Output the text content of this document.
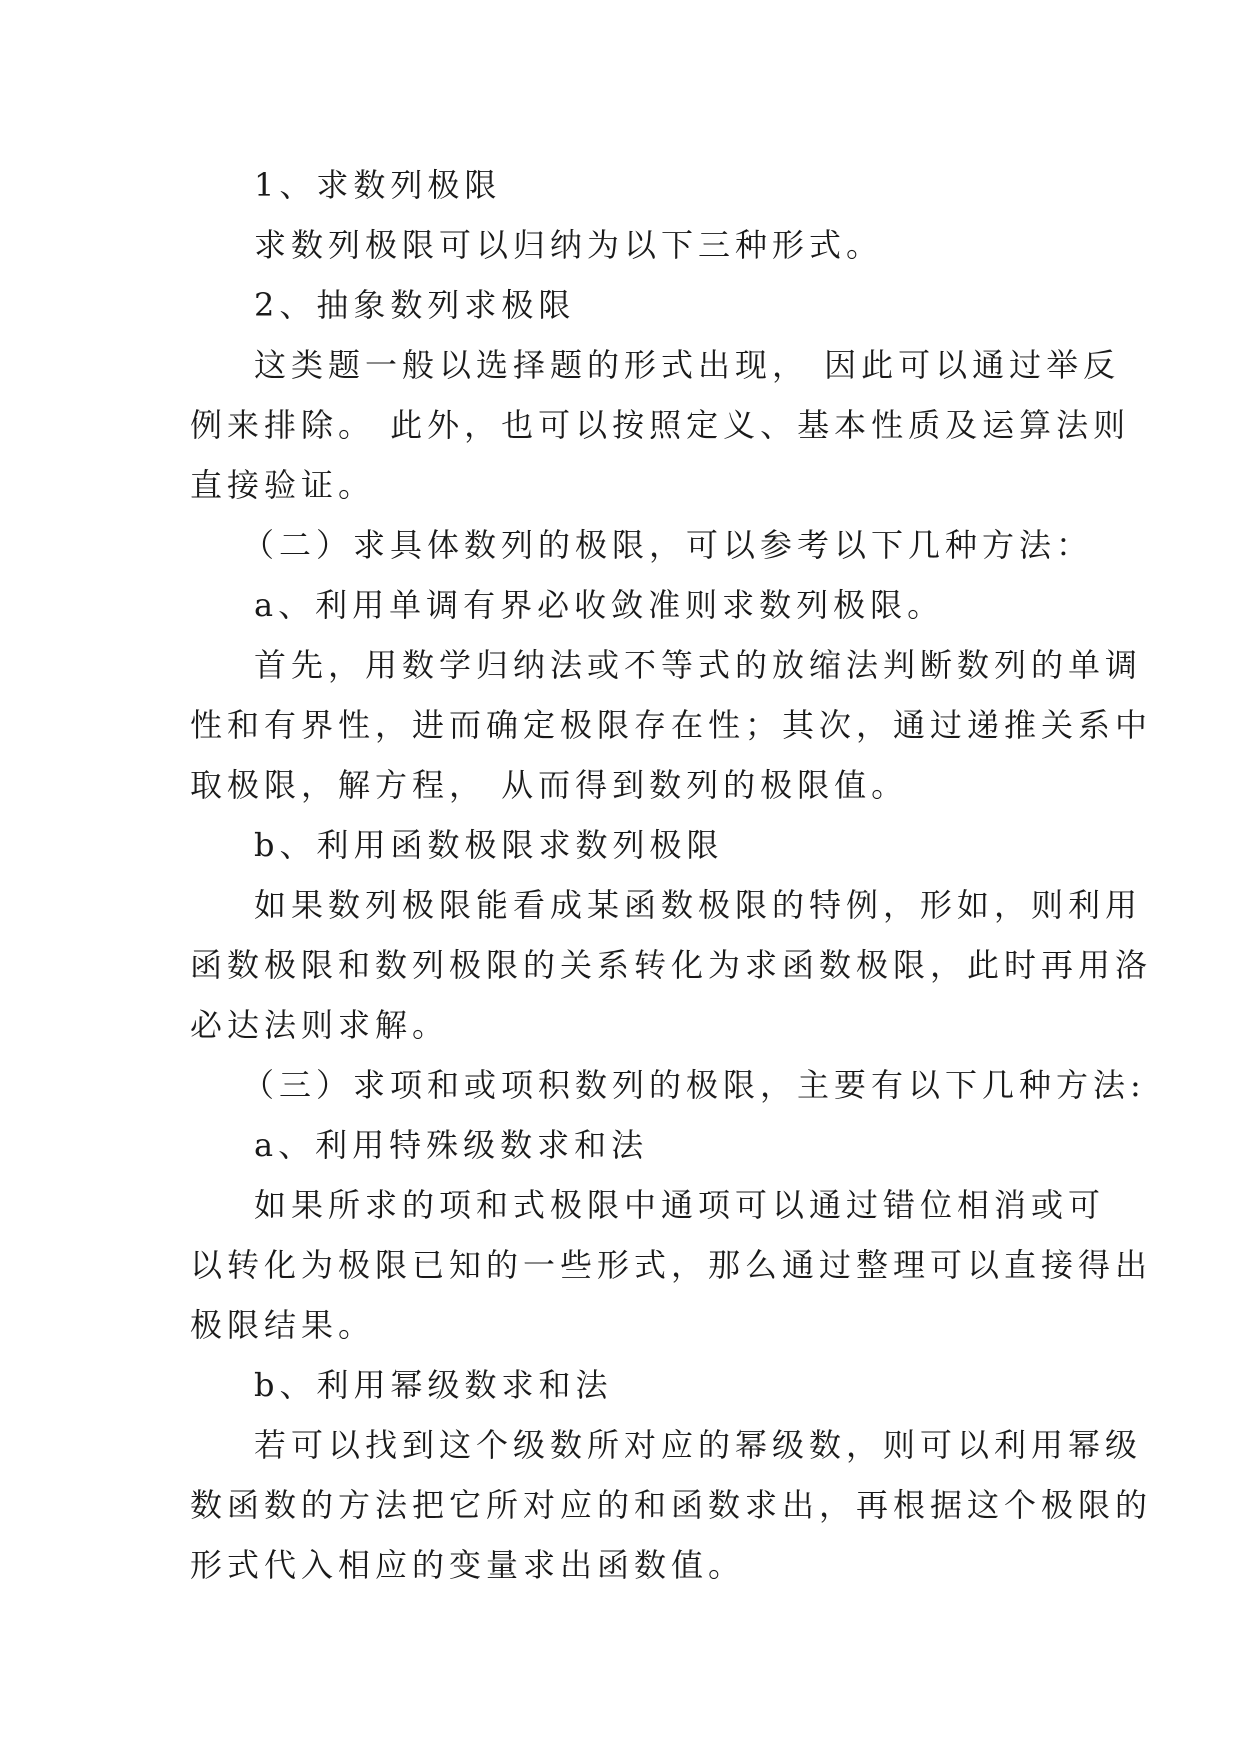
1、求数列极限
求数列极限可以归纳为以下三种形式。
2、抽象数列求极限
这类题一般以选择题的形式出现， 因此可以通过举反
例来排除。 此外，也可以按照定义、基本性质及运算法则
直接验证。
（二）求具体数列的极限，可以参考以下几种方法：
a、利用单调有界必收敛准则求数列极限。
首先，用数学归纳法或不等式的放缩法判断数列的单调
性和有界性，进而确定极限存在性；其次，通过递推关系中
取极限，解方程， 从而得到数列的极限值。
b、利用函数极限求数列极限
如果数列极限能看成某函数极限的特例，形如，则利用
函数极限和数列极限的关系转化为求函数极限，此时再用洛
必达法则求解。
（三）求项和或项积数列的极限，主要有以下几种方法:
a、利用特殊级数求和法
如果所求的项和式极限中通项可以通过错位相消或可
以转化为极限已知的一些形式，那么通过整理可以直接得出
极限结果。
b、利用幂级数求和法
若可以找到这个级数所对应的幂级数，则可以利用幂级
数函数的方法把它所对应的和函数求出，再根据这个极限的
形式代入相应的变量求出函数值。
